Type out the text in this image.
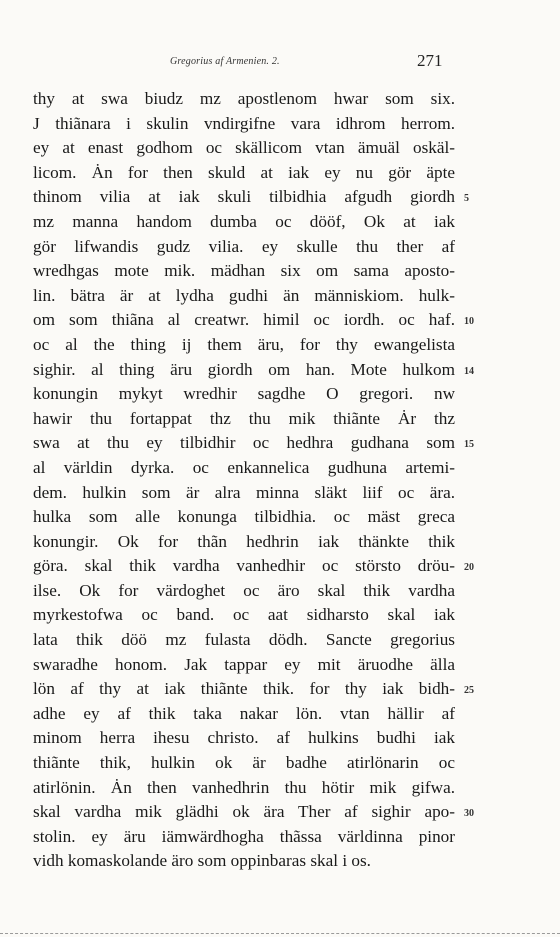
Gregorius af Armenien. 2.	271
thy at swa biudz mz apostlenom hwar som six.
J thiãnara i skulin vndirgifne vara idhrom herrom.
ey at enast godhom oc skällicom vtan ämuäl oskäl-
licom. Ȧn for then skuld at iak ey nu gör äpte
thinom vilia at iak skuli tilbidhia afgudh giordh
mz manna handom dumba oc dööf, Ok at iak
gör lifwandis gudz vilia. ey skulle thu ther af
wredhgas mote mik. mädhan six om sama aposto-
lin. bätra är at lydha gudhi än människiom. hulk-
om som thiãna al creatwr. himil oc iordh. oc haf.
oc al the thing ij them äru, for thy ewangelista
sighir. al thing äru giordh om han. Mote hulkom
konungin mykyt wredhir sagdhe O gregori. nw
hawir thu fortappat thz thu mik thiãnte Ȧr thz
swa at thu ey tilbidhir oc hedhra gudhana som
al världin dyrka. oc enkannelica gudhuna artemi-
dem. hulkin som är alra minna släkt liif oc ära.
hulka som alle konunga tilbidhia. oc mäst greca
konungir. Ok for thãn hedhrin iak thänkte thik
göra. skal thik vardha vanhedhir oc störsto dröu-
ilse. Ok for värdoghet oc äro skal thik vardha
myrkestofwa oc band. oc aat sidharsto skal iak
lata thik döö mz fulasta dödh. Sancte gregorius
swaradhe honom. Jak tappar ey mit äruodhe älla
lön af thy at iak thiãnte thik. for thy iak bidh-
adhe ey af thik taka nakar lön. vtan hällir af
minom herra ihesu christo. af hulkins budhi iak
thiãnte thik, hulkin ok är badhe atirlönarin oc
atirlönin. Ȧn then vanhedhrin thu hötir mik gifwa.
skal vardha mik glädhi ok ära Ther af sighir apo-
stolin. ey äru iämwärdhogha thãssa världinna pinor
vidh komaskolande äro som oppinbaras skal i os.
5
10
14
15
20
25
30
